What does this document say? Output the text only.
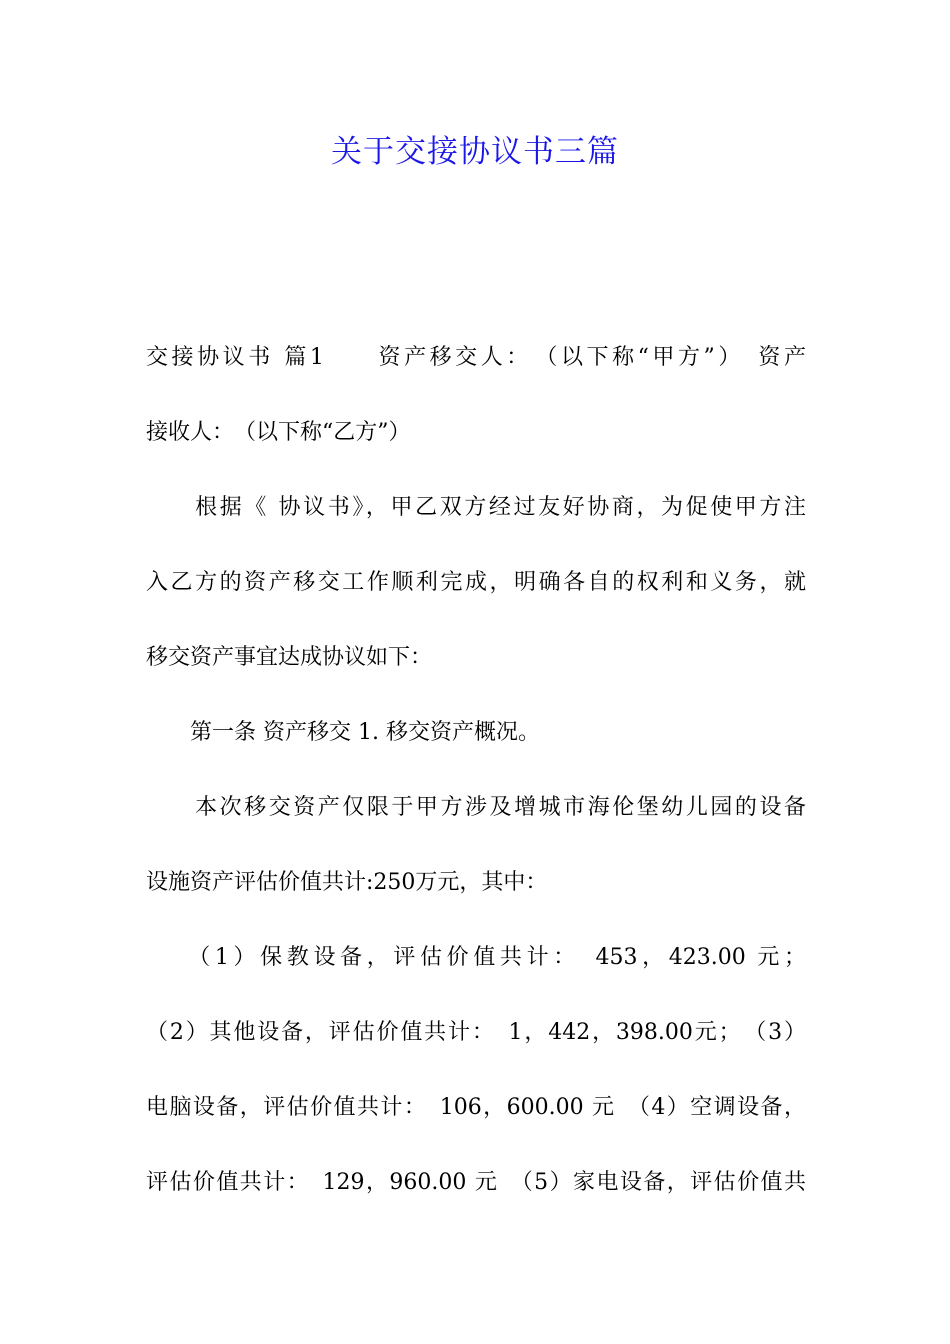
关于交接协议书三篇
交接协议书 篇1　　资产移交人：　（以下称“甲方”）　资产
接收人：　（以下称“乙方”）
　　根据《 协议书》，甲乙双方经过友好协商，为促使甲方注
入乙方的资产移交工作顺利完成，明确各自的权利和义务，就
移交资产事宜达成协议如下：
　　第一条 资产移交 1. 移交资产概况。
　　本次移交资产仅限于甲方涉及增城市海伦堡幼儿园的设备
设施资产评估价值共计:250万元，其中：
　　（1）保教设备，评估价值共计：　453，423.00 元；
（2）其他设备，评估价值共计：　1，442，398.00元；　（3）
电脑设备，评估价值共计：　106，600.00 元　（4）空调设备，
评估价值共计：　129，960.00 元　（5）家电设备，评估价值共
